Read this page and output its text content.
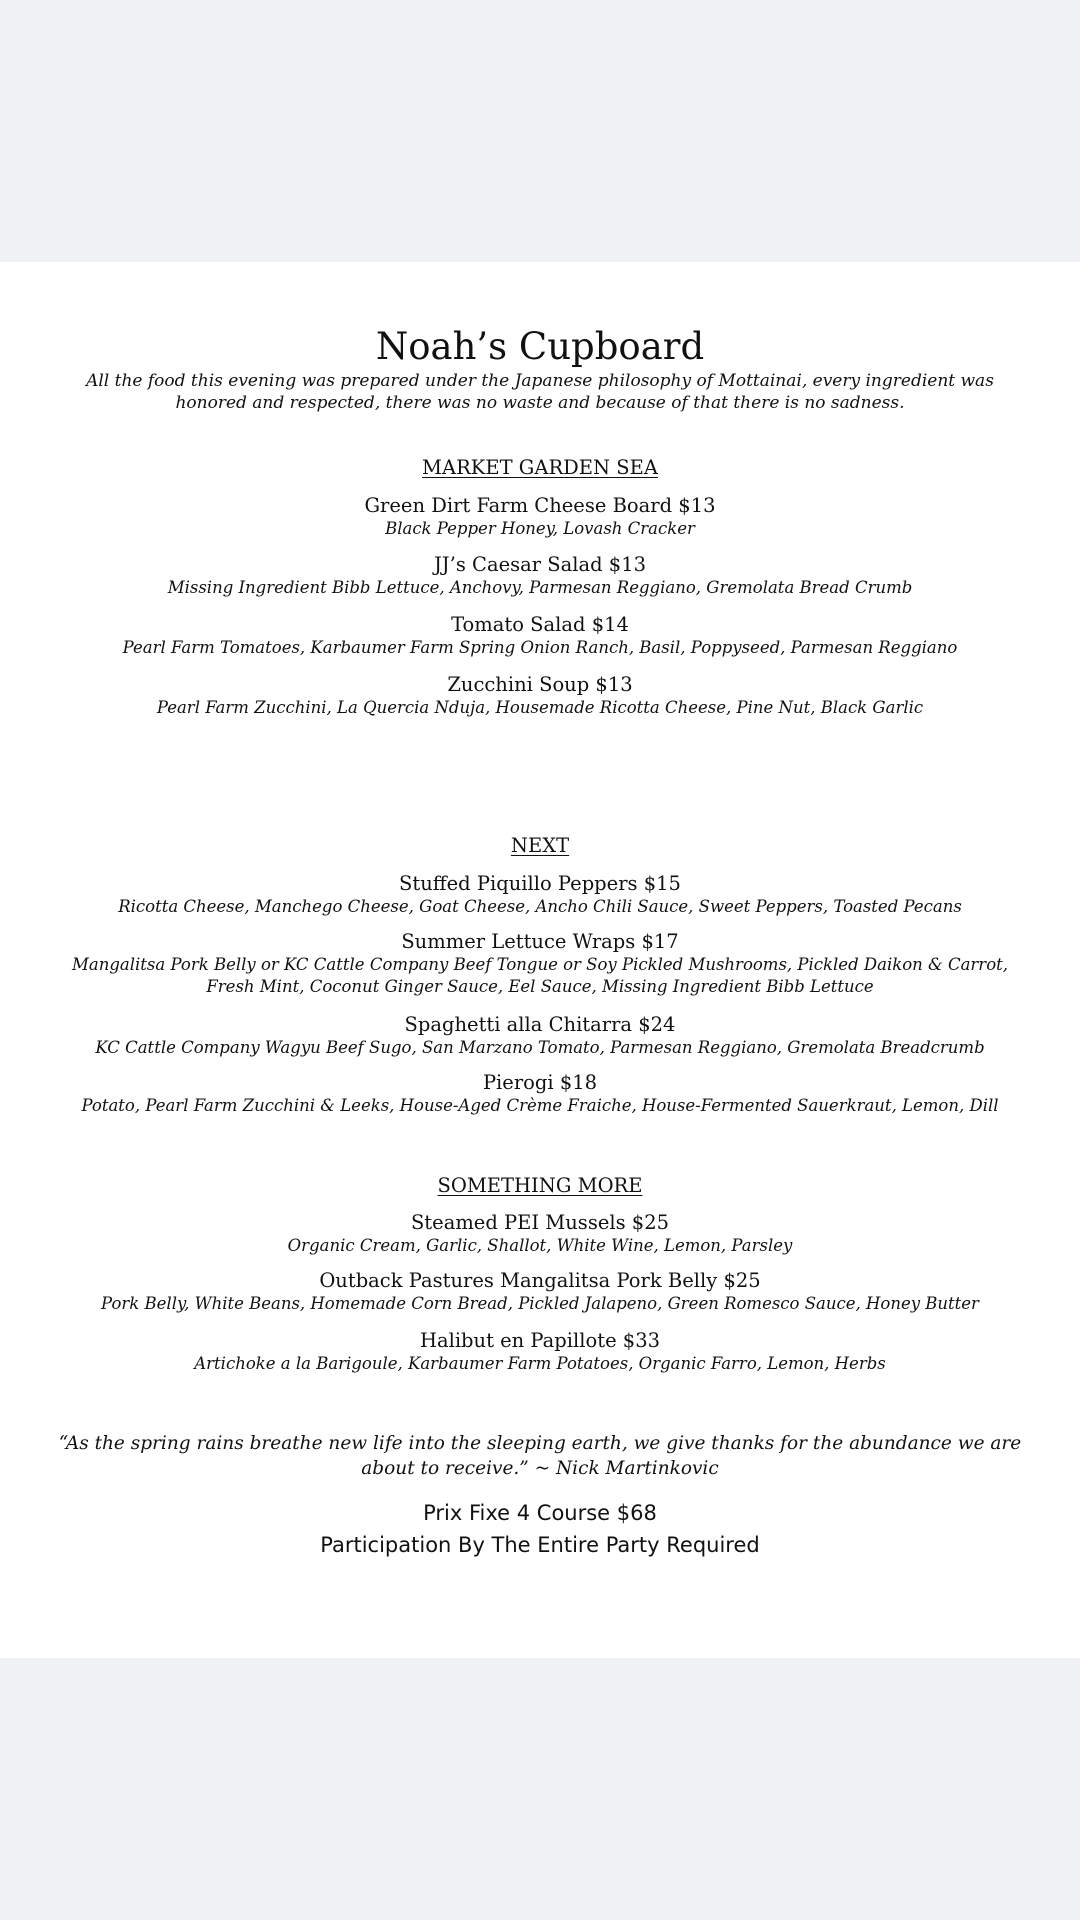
Noah’s Cupboard
All the food this evening was prepared under the Japanese philosophy of Mottainai, every ingredient was honored and respected, there was no waste and because of that there is no sadness.
MARKET GARDEN SEA
Green Dirt Farm Cheese Board $13
Black Pepper Honey, Lovash Cracker
JJ’s Caesar Salad $13
Missing Ingredient Bibb Lettuce, Anchovy, Parmesan Reggiano, Gremolata Bread Crumb
Tomato Salad $14
Pearl Farm Tomatoes, Karbaumer Farm Spring Onion Ranch, Basil, Poppyseed, Parmesan Reggiano
Zucchini Soup $13
Pearl Farm Zucchini, La Quercia Nduja, Housemade Ricotta Cheese, Pine Nut, Black Garlic
NEXT
Stuffed Piquillo Peppers $15
Ricotta Cheese, Manchego Cheese, Goat Cheese, Ancho Chili Sauce, Sweet Peppers, Toasted Pecans
Summer Lettuce Wraps $17
Mangalitsa Pork Belly or KC Cattle Company Beef Tongue or Soy Pickled Mushrooms, Pickled Daikon & Carrot, Fresh Mint, Coconut Ginger Sauce, Eel Sauce, Missing Ingredient Bibb Lettuce
Spaghetti alla Chitarra $24
KC Cattle Company Wagyu Beef Sugo, San Marzano Tomato, Parmesan Reggiano, Gremolata Breadcrumb
Pierogi $18
Potato, Pearl Farm Zucchini & Leeks, House-Aged Crème Fraiche, House-Fermented Sauerkraut, Lemon, Dill
SOMETHING MORE
Steamed PEI Mussels $25
Organic Cream, Garlic, Shallot, White Wine, Lemon, Parsley
Outback Pastures Mangalitsa Pork Belly $25
Pork Belly, White Beans, Homemade Corn Bread, Pickled Jalapeno, Green Romesco Sauce, Honey Butter
Halibut en Papillote $33
Artichoke a la Barigoule, Karbaumer Farm Potatoes, Organic Farro, Lemon, Herbs
“As the spring rains breathe new life into the sleeping earth, we give thanks for the abundance we are about to receive.” ~ Nick Martinkovic
Prix Fixe 4 Course $68
Participation By The Entire Party Required
